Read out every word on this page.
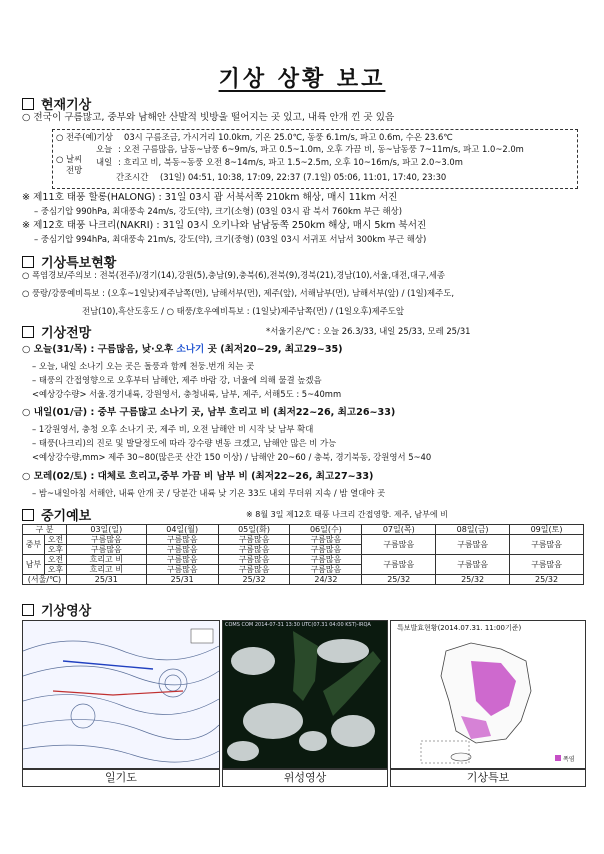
기상 상황 보고
현재기상
○ 전국이 구름많고, 중부와 남해안 산발적 빗방울 떨어지는 곳 있고, 내륙 안개 낀 곳 있음
○ 전주(예)기상 03시 구름조금, 가시거리 10.0km, 기온 25.0℃, 동풍 6.1m/s, 파고 0.6m, 수온 23.6℃
○ 날씨
전망
오늘 : 오전 구름많음, 남동~남풍 6~9m/s, 파고 0.5~1.0m, 오후 가끔 비, 동~남동풍 7~11m/s, 파고 1.0~2.0m
내일 : 흐리고 비, 북동~동풍 오전 8~14m/s, 파고 1.5~2.5m, 오후 10~16m/s, 파고 2.0~3.0m
간조시간 (31일) 04:51, 10:38, 17:09, 22:37 (7.1일) 05:06, 11:01, 17:40, 23:30
※ 제11호 태풍 할롱(HALONG) : 31일 03시 괌 서북서쪽 210km 해상, 매시 11km 서진
– 중심기압 990hPa, 최대풍속 24m/s, 강도(약), 크기(소형) (03일 03시 괌 북서 760km 부근 해상)
※ 제12호 태풍 나크리(NAKRI) : 31일 03시 오키나와 남남동쪽 250km 해상, 매시 5km 북서진
– 중심기압 994hPa, 최대풍속 21m/s, 강도(약), 크기(중형) (03일 03시 서귀포 서남서 300km 부근 해상)
기상특보현황
○ 폭염경보/주의보 : 전북(전주)/경기(14),강원(5),충남(9),충북(6),전북(9),경북(21),경남(10),서울,대전,대구,세종
○ 풍랑/강풍예비특보 : (오후~1일낮)제주남쪽(먼), 남해서부(먼), 제주(앞), 서해남부(먼), 남해서부(앞) / (1일)제주도,
전남(10),흑산도홍도 / ○ 태풍/호우예비특보 : (1일낮)제주남쪽(먼) / (1일오후)제주도앞
기상전망	*서울기온/℃ : 오늘 26.3/33, 내일 25/33, 모레 25/31
○ 오늘(31/목) : 구름많음, 낮·오후 소나기 곳 (최저20~29, 최고29~35)
– 오늘, 내일 소나기 오는 곳은 돌풍과 함께 천둥.번개 치는 곳
– 태풍의 간접영향으로 오후부터 남해안, 제주 바람 강, 너울에 의해 물결 높겠음
<예상강수량> 서울.경기내륙, 강원영서, 충청내륙, 남부, 제주, 서해5도 : 5~40mm
○ 내일(01/금) : 중부 구름많고 소나기 곳, 남부 흐리고 비 (최저22~26, 최고26~33)
– 1강원영서, 충청 오후 소나기 곳, 제주 비, 오전 남해안 비 시작 낮 남부 확대
– 태풍(나크리)의 진로 및 발달정도에 따라 강수량 변동 크겠고, 남해안 많은 비 가능
<예상강수량,mm> 제주 30~80(많은곳 산간 150 이상) / 남해안 20~60 / 충북, 경기북동, 강원영서 5~40
○ 모레(02/토) : 대체로 흐리고,중부 가끔 비 남부 비 (최저22~26, 최고27~33)
– 밤~내일아침 서해안, 내륙 안개 곳 / 당분간 내륙 낮 기온 33도 내외 무더위 지속 / 밤 열대야 곳
중기예보	※ 8월 3일 제12호 태풍 나크리 간접영향. 제주, 남부에 비
구 분		03일(일)	04일(월)	05일(화)	06일(수)	07일(목)	08일(금)	09일(토)
중부	오전	구름많음	구름많음	구름많음	구름많음	구름많음	구름많음	구름많음
	오후	구름많음	구름많음	구름많음	구름많음			
남부	오전	흐리고 비	구름많음	구름많음	구름많음	구름많음	구름많음	구름많음
	오후	흐리고 비	구름많음	구름많음	구름많음			
(서울/℃)		25/31	25/31	25/32	24/32	25/32	25/32	25/32
기상영상
COMS COM 2014-07-31 13:30 UTC(07.31 04:00 KST)-IRQA	특보발효현황(2014.07.31. 11:00기준)
폭염
일기도	위성영상	기상특보
